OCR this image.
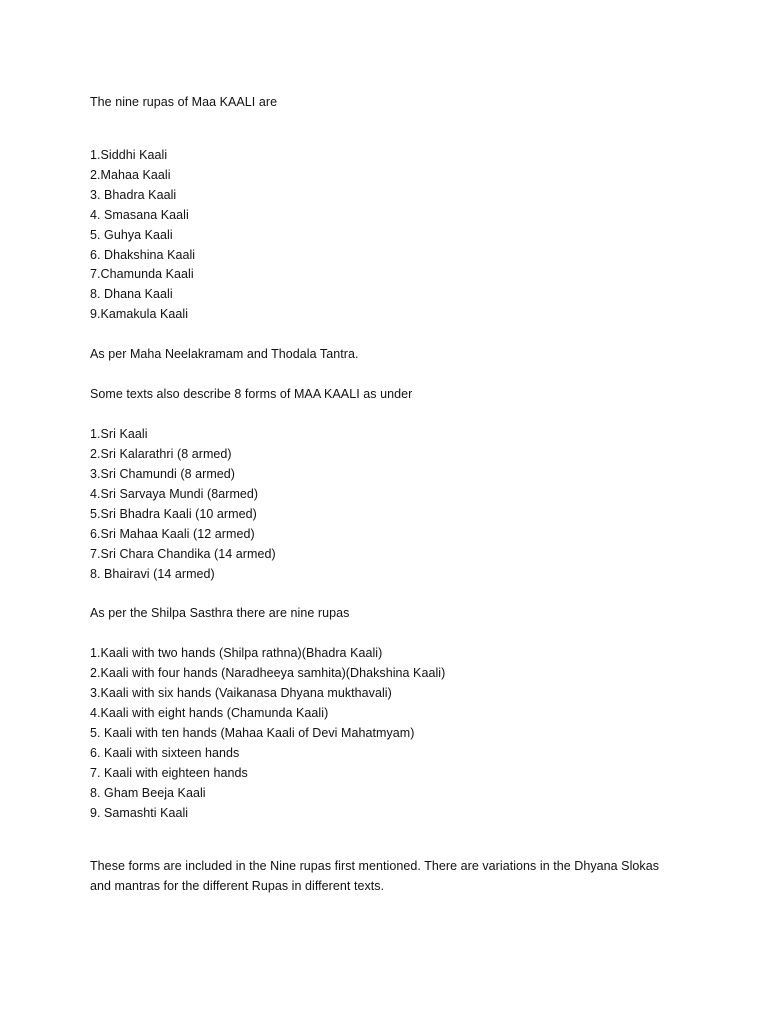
The nine rupas of Maa KAALI are
1.Siddhi Kaali
2.Mahaa Kaali
3. Bhadra Kaali
4. Smasana Kaali
5. Guhya Kaali
6. Dhakshina Kaali
7.Chamunda Kaali
8. Dhana Kaali
9.Kamakula Kaali
As per Maha Neelakramam and Thodala Tantra.
Some texts also describe 8 forms of MAA KAALI as under
1.Sri Kaali
2.Sri Kalarathri (8 armed)
3.Sri Chamundi (8 armed)
4.Sri Sarvaya Mundi (8armed)
5.Sri Bhadra Kaali (10 armed)
6.Sri Mahaa Kaali (12 armed)
7.Sri Chara Chandika (14 armed)
8. Bhairavi (14 armed)
As per the Shilpa Sasthra there are nine rupas
1.Kaali with two hands (Shilpa rathna)(Bhadra Kaali)
2.Kaali with four hands (Naradheeya samhita)(Dhakshina Kaali)
3.Kaali with six hands (Vaikanasa Dhyana mukthavali)
4.Kaali with eight hands (Chamunda Kaali)
5. Kaali with ten hands (Mahaa Kaali of Devi Mahatmyam)
6. Kaali with sixteen hands
7. Kaali with eighteen hands
8. Gham Beeja Kaali
9. Samashti Kaali
These forms are included in the Nine rupas first mentioned. There are variations in the Dhyana Slokas
and mantras for the different Rupas in different texts.
